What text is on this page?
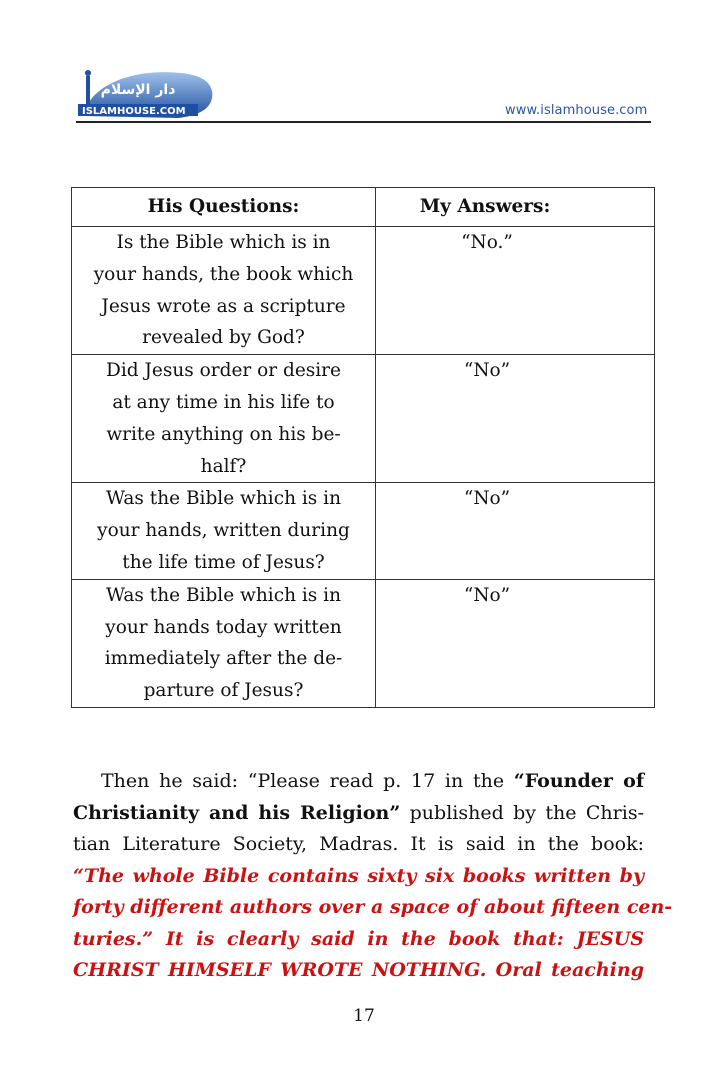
دار الإسلام
ISLAMHOUSE.COM	www.islamhouse.com
His Questions:	My Answers:

Is the Bible which is in
your hands, the book which
Jesus wrote as a scripture
revealed by God?	“No.”

Did Jesus order or desire
at any time in his life to
write anything on his be-
half?	“No”

Was the Bible which is in
your hands, written during
the life time of Jesus?	“No”

Was the Bible which is in
your hands today written
immediately after the de-
parture of Jesus?	“No”
Then he said: “Please read p. 17 in the “Founder of
Christianity and his Religion” published by the Chris-
tian Literature Society, Madras. It is said in the book:
“The whole Bible contains sixty six books written by
forty different authors over a space of about fifteen cen-
turies.” It is clearly said in the book that: JESUS
CHRIST HIMSELF WROTE NOTHING. Oral teaching
17
